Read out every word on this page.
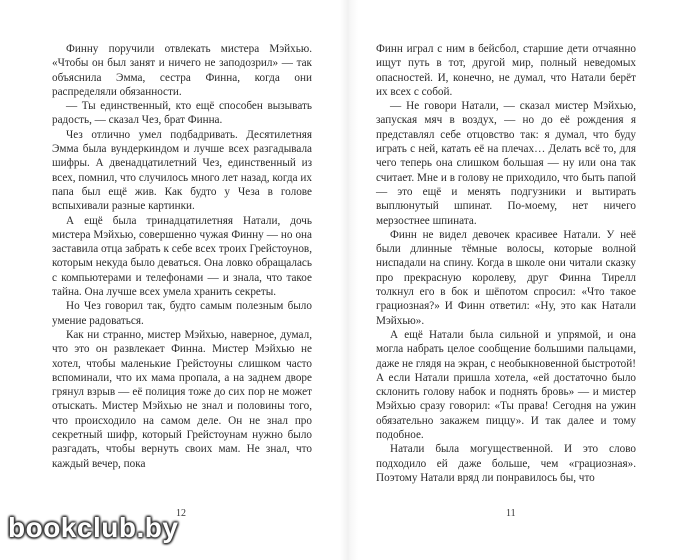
Финну поручили отвлекать мистера Мэйхью. «Чтобы он был занят и ничего не заподозрил» — так объяснила Эмма, сестра Финна, когда они распределяли обязанности.

— Ты единственный, кто ещё способен вызывать радость, — сказал Чез, брат Финна.

Чез отлично умел подбадривать. Десятилетняя Эмма была вундеркиндом и лучше всех разгадывала шифры. А двенадцатилетний Чез, единственный из всех, помнил, что случилось много лет назад, когда их папа был ещё жив. Как будто у Чеза в голове вспыхивали разные картинки.

А ещё была тринадцатилетняя Натали, дочь мистера Мэйхью, совершенно чужая Финну — но она заставила отца забрать к себе всех троих Грейстоунов, которым некуда было деваться. Она ловко обращалась с компьютерами и телефонами — и знала, что такое тайна. Она лучше всех умела хранить секреты.

Но Чез говорил так, будто самым полезным было умение радоваться.

Как ни странно, мистер Мэйхью, наверное, думал, что это он развлекает Финна. Мистер Мэйхью не хотел, чтобы маленькие Грейстоуны слишком часто вспоминали, что их мама пропала, а на заднем дворе грянул взрыв — её полиция тоже до сих пор не может отыскать. Мистер Мэйхью не знал и половины того, что происходило на самом деле. Он не знал про секретный шифр, который Грейстоунам нужно было разгадать, чтобы вернуть своих мам. Не знал, что каждый вечер, пока

Финн играл с ним в бейсбол, старшие дети отчаянно ищут путь в тот, другой мир, полный неведомых опасностей. И, конечно, не думал, что Натали берёт их всех с собой.

— Не говори Натали, — сказал мистер Мэйхью, запуская мяч в воздух, — но до её рождения я представлял себе отцовство так: я думал, что буду играть с ней, катать её на плечах… Делать всё то, для чего теперь она слишком большая — ну или она так считает. Мне и в голову не приходило, что быть папой — это ещё и менять подгузники и вытирать выплюнутый шпинат. По-моему, нет ничего мерзостнее шпината.

Финн не видел девочек красивее Натали. У неё были длинные тёмные волосы, которые волной ниспадали на спину. Когда в школе они читали сказку про прекрасную королеву, друг Финна Тирелл толкнул его в бок и шёпотом спросил: «Что такое грациозная?» И Финн ответил: «Ну, это как Натали Мэйхью».

А ещё Натали была сильной и упрямой, и она могла набрать целое сообщение большими пальцами, даже не глядя на экран, с необыкновенной быстротой! А если Натали пришла хотела, «ей достаточно было склонить голову набок и поднять бровь» — и мистер Мэйхью сразу говорил: «Ты права! Сегодня на ужин обязательно закажем пиццу». И так далее и тому подобное.

Натали была могущественной. И это слово подходило ей даже больше, чем «грациозная». Поэтому Натали вряд ли понравилось бы, что

12	11
bookclub.by
